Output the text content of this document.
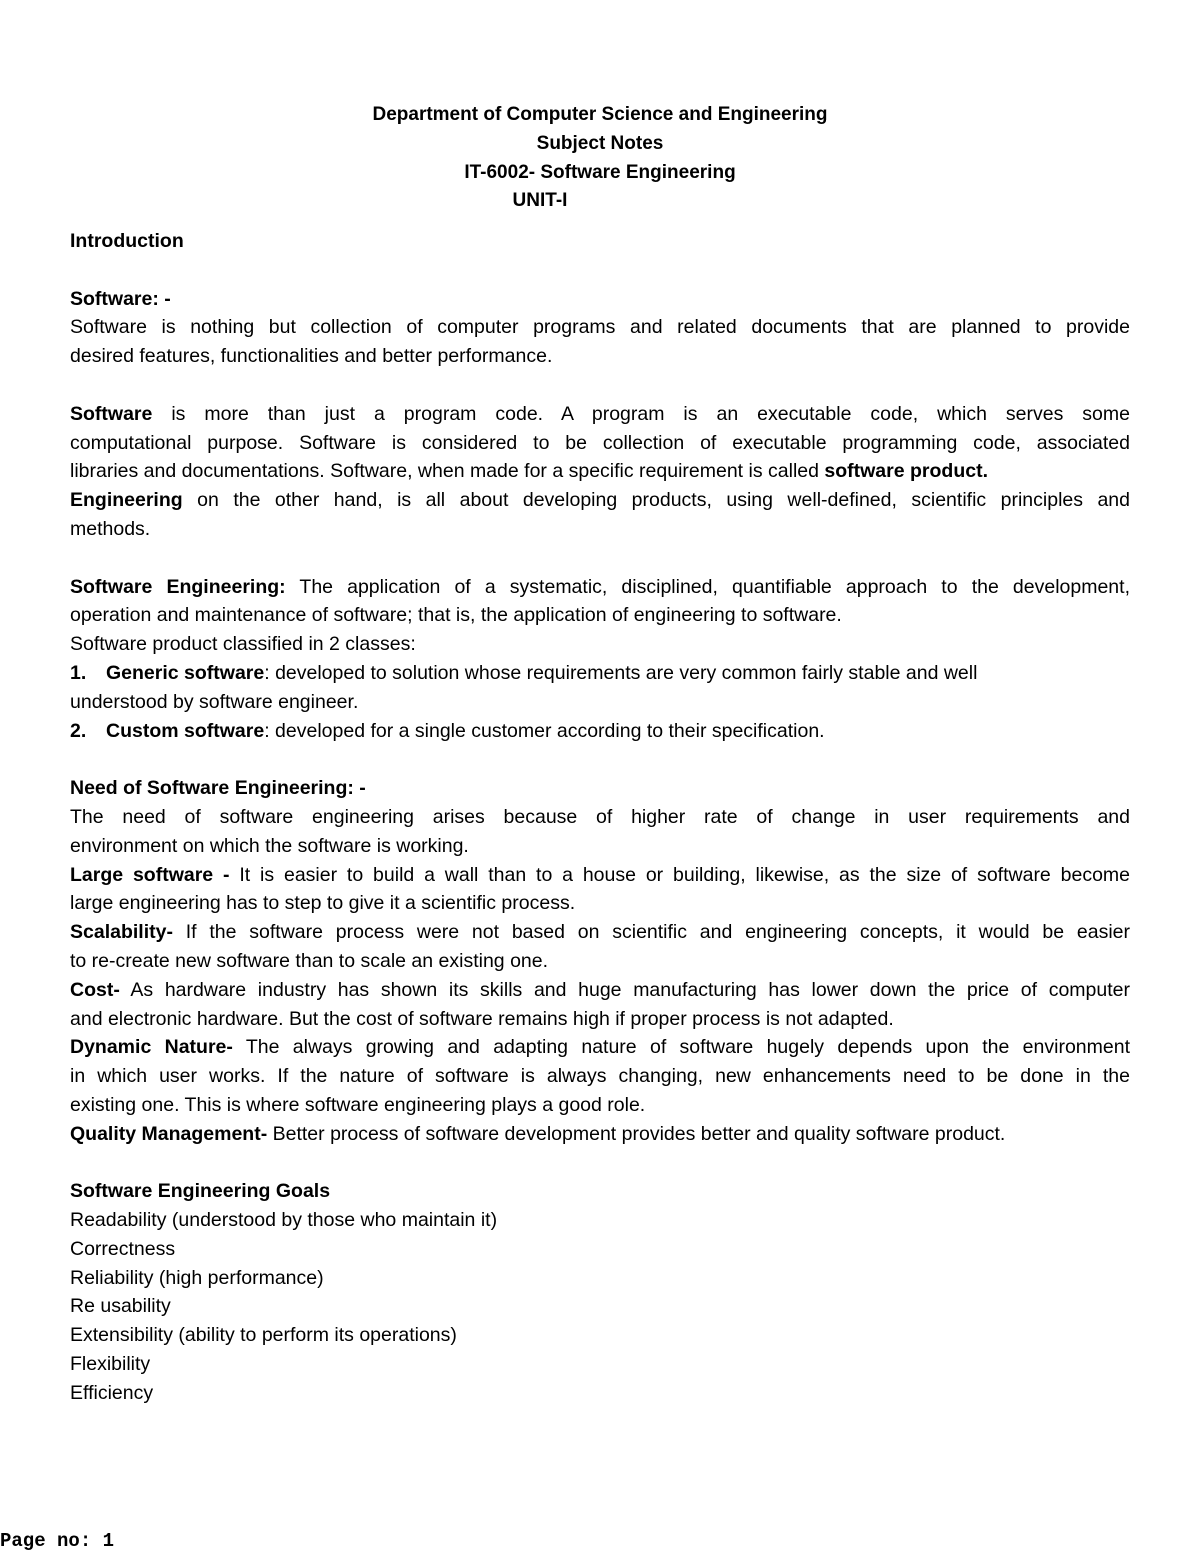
Department of Computer Science and Engineering
Subject Notes
IT-6002- Software Engineering
UNIT-I
Introduction
Software: -
Software is nothing but collection of computer programs and related documents that are planned to provide
desired features, functionalities and better performance.
Software is more than just a program code. A program is an executable code, which serves some
computational purpose. Software is considered to be collection of executable programming code, associated
libraries and documentations. Software, when made for a specific requirement is called software product.
Engineering on the other hand, is all about developing products, using well-defined, scientific principles and
methods.
Software Engineering: The application of a systematic, disciplined, quantifiable approach to the development,
operation and maintenance of software; that is, the application of engineering to software.
Software product classified in 2 classes:
1. Generic software: developed to solution whose requirements are very common fairly stable and well
understood by software engineer.
2. Custom software: developed for a single customer according to their specification.
Need of Software Engineering: -
The need of software engineering arises because of higher rate of change in user requirements and
environment on which the software is working.
Large software - It is easier to build a wall than to a house or building, likewise, as the size of software become
large engineering has to step to give it a scientific process.
Scalability- If the software process were not based on scientific and engineering concepts, it would be easier
to re-create new software than to scale an existing one.
Cost- As hardware industry has shown its skills and huge manufacturing has lower down the price of computer
and electronic hardware. But the cost of software remains high if proper process is not adapted.
Dynamic Nature- The always growing and adapting nature of software hugely depends upon the environment
in which user works. If the nature of software is always changing, new enhancements need to be done in the
existing one. This is where software engineering plays a good role.
Quality Management- Better process of software development provides better and quality software product.
Software Engineering Goals
Readability (understood by those who maintain it)
Correctness
Reliability (high performance)
Re usability
Extensibility (ability to perform its operations)
Flexibility
Efficiency
Page no: 1
